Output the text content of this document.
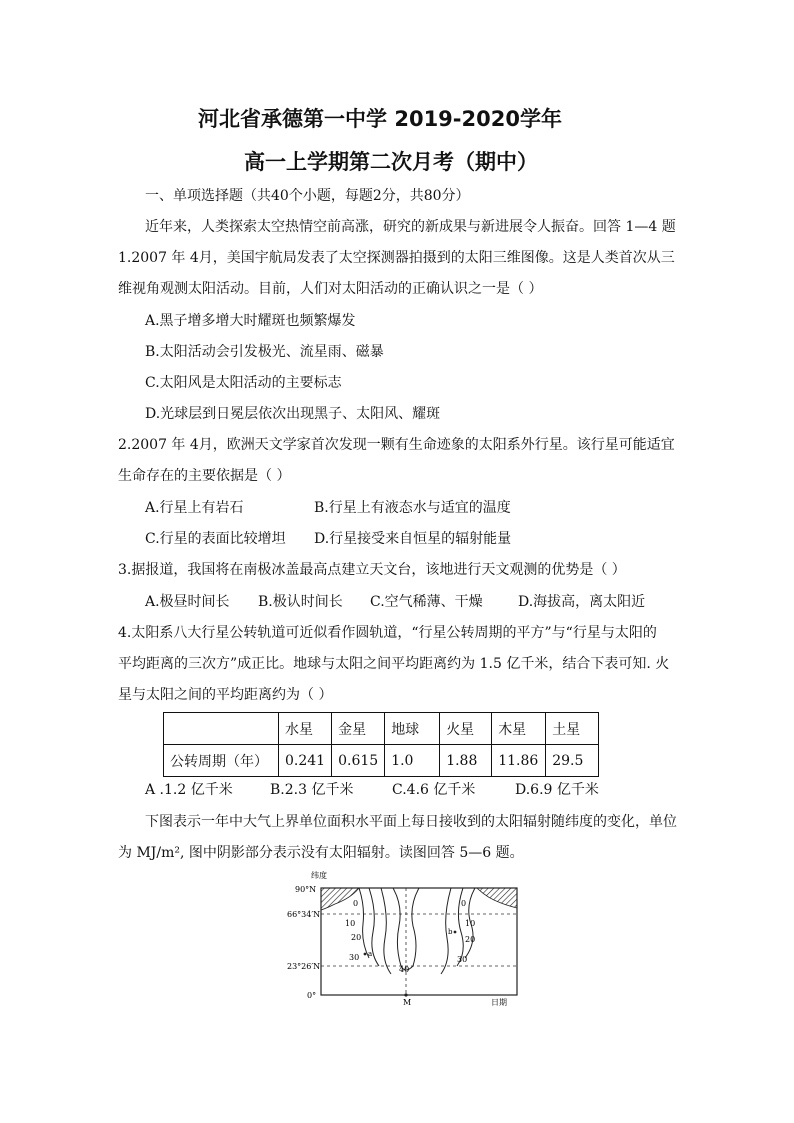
河北省承德第一中学 2019-2020学年
高一上学期第二次月考（期中）
一、单项选择题（共40个小题，每题2分，共80分）
近年来，人类探索太空热情空前高涨，研究的新成果与新进展令人振奋。回答 1—4 题
1.2007 年 4月，美国宇航局发表了太空探测器拍摄到的太阳三维图像。这是人类首次从三
维视角观测太阳活动。目前，人们对太阳活动的正确认识之一是（ ）
A.黑子增多增大时耀斑也频繁爆发
B.太阳活动会引发极光、流星雨、磁暴
C.太阳风是太阳活动的主要标志
D.光球层到日冕层依次出现黑子、太阳风、耀斑
2.2007 年 4月，欧洲天文学家首次发现一颗有生命迹象的太阳系外行星。该行星可能适宜
生命存在的主要依据是（ ）
A.行星上有岩石	B.行星上有液态水与适宜的温度
C.行星的表面比较增坦 D.行星接受来自恒星的辐射能量
3.据报道，我国将在南极冰盖最高点建立天文台，该地进行天文观测的优势是（ ）
A.极昼时间长 B.极认时间长 C.空气稀薄、干燥	D.海拔高，离太阳近
4.太阳系八大行星公转轨道可近似看作圆轨道，“行星公转周期的平方”与“行星与太阳的
平均距离的三次方”成正比。地球与太阳之间平均距离约为 1.5 亿千米，结合下表可知. 火
星与太阳之间的平均距离约为（ ）
	水星	金星	地球	火星	木星	土星
公转周期（年）	0.241	0.615	1.0	1.88	11.86	29.5
A .1.2 亿千米	B.2.3 亿千米	C.4.6 亿千米	D.6.9 亿千米
下图表示一年中大气上界单位面积水平面上每日接收到的太阳辐射随纬度的变化，单位
为 MJ/m², 图中阴影部分表示没有太阳辐射。读图回答 5—6 题。
90°N
66°34′N
23°26′N
0°
纬度
M	日期
0
10
20
30
40
0
10
20
30
a
b
